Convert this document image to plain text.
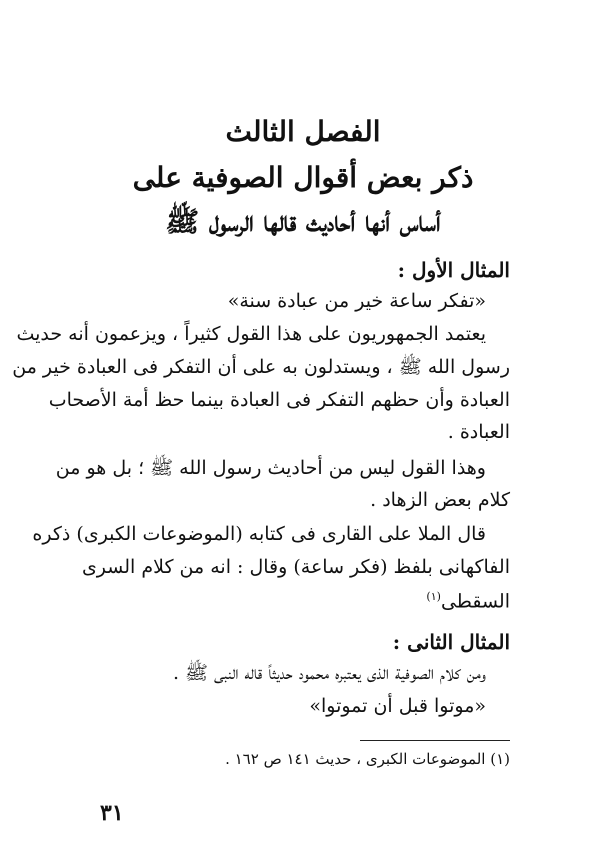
الفصل الثالث
ذكر بعض أقوال الصوفية على
أساس أنها أحاديث قالها الرسول ﷺ
المثال الأول :
«تفكر ساعة خير من عبادة سنة»
يعتمد الجمهوريون على هذا القول كثيراً ، ويزعمون أنه حديث
رسول الله ﷺ ، ويستدلون به على أن التفكر فى العبادة خير من
العبادة وأن حظهم التفكر فى العبادة بينما حظ أمة الأصحاب
العبادة .
وهذا القول ليس من أحاديث رسول الله ﷺ ؛ بل هو من
كلام بعض الزهاد .
قال الملا على القارى فى كتابه (الموضوعات الكبرى) ذكره
الفاكهانى بلفظ (فكر ساعة) وقال : انه من كلام السرى
السقطى$^{(١)}$
المثال الثانى :
ومن كلام الصوفية الذى يعتبره محمود حديثاً قاله النبى ﷺ .
«موتوا قبل أن تموتوا»
(١) الموضوعات الكبرى ، حديث ١٤١ ص ١٦٢ .
٣١
